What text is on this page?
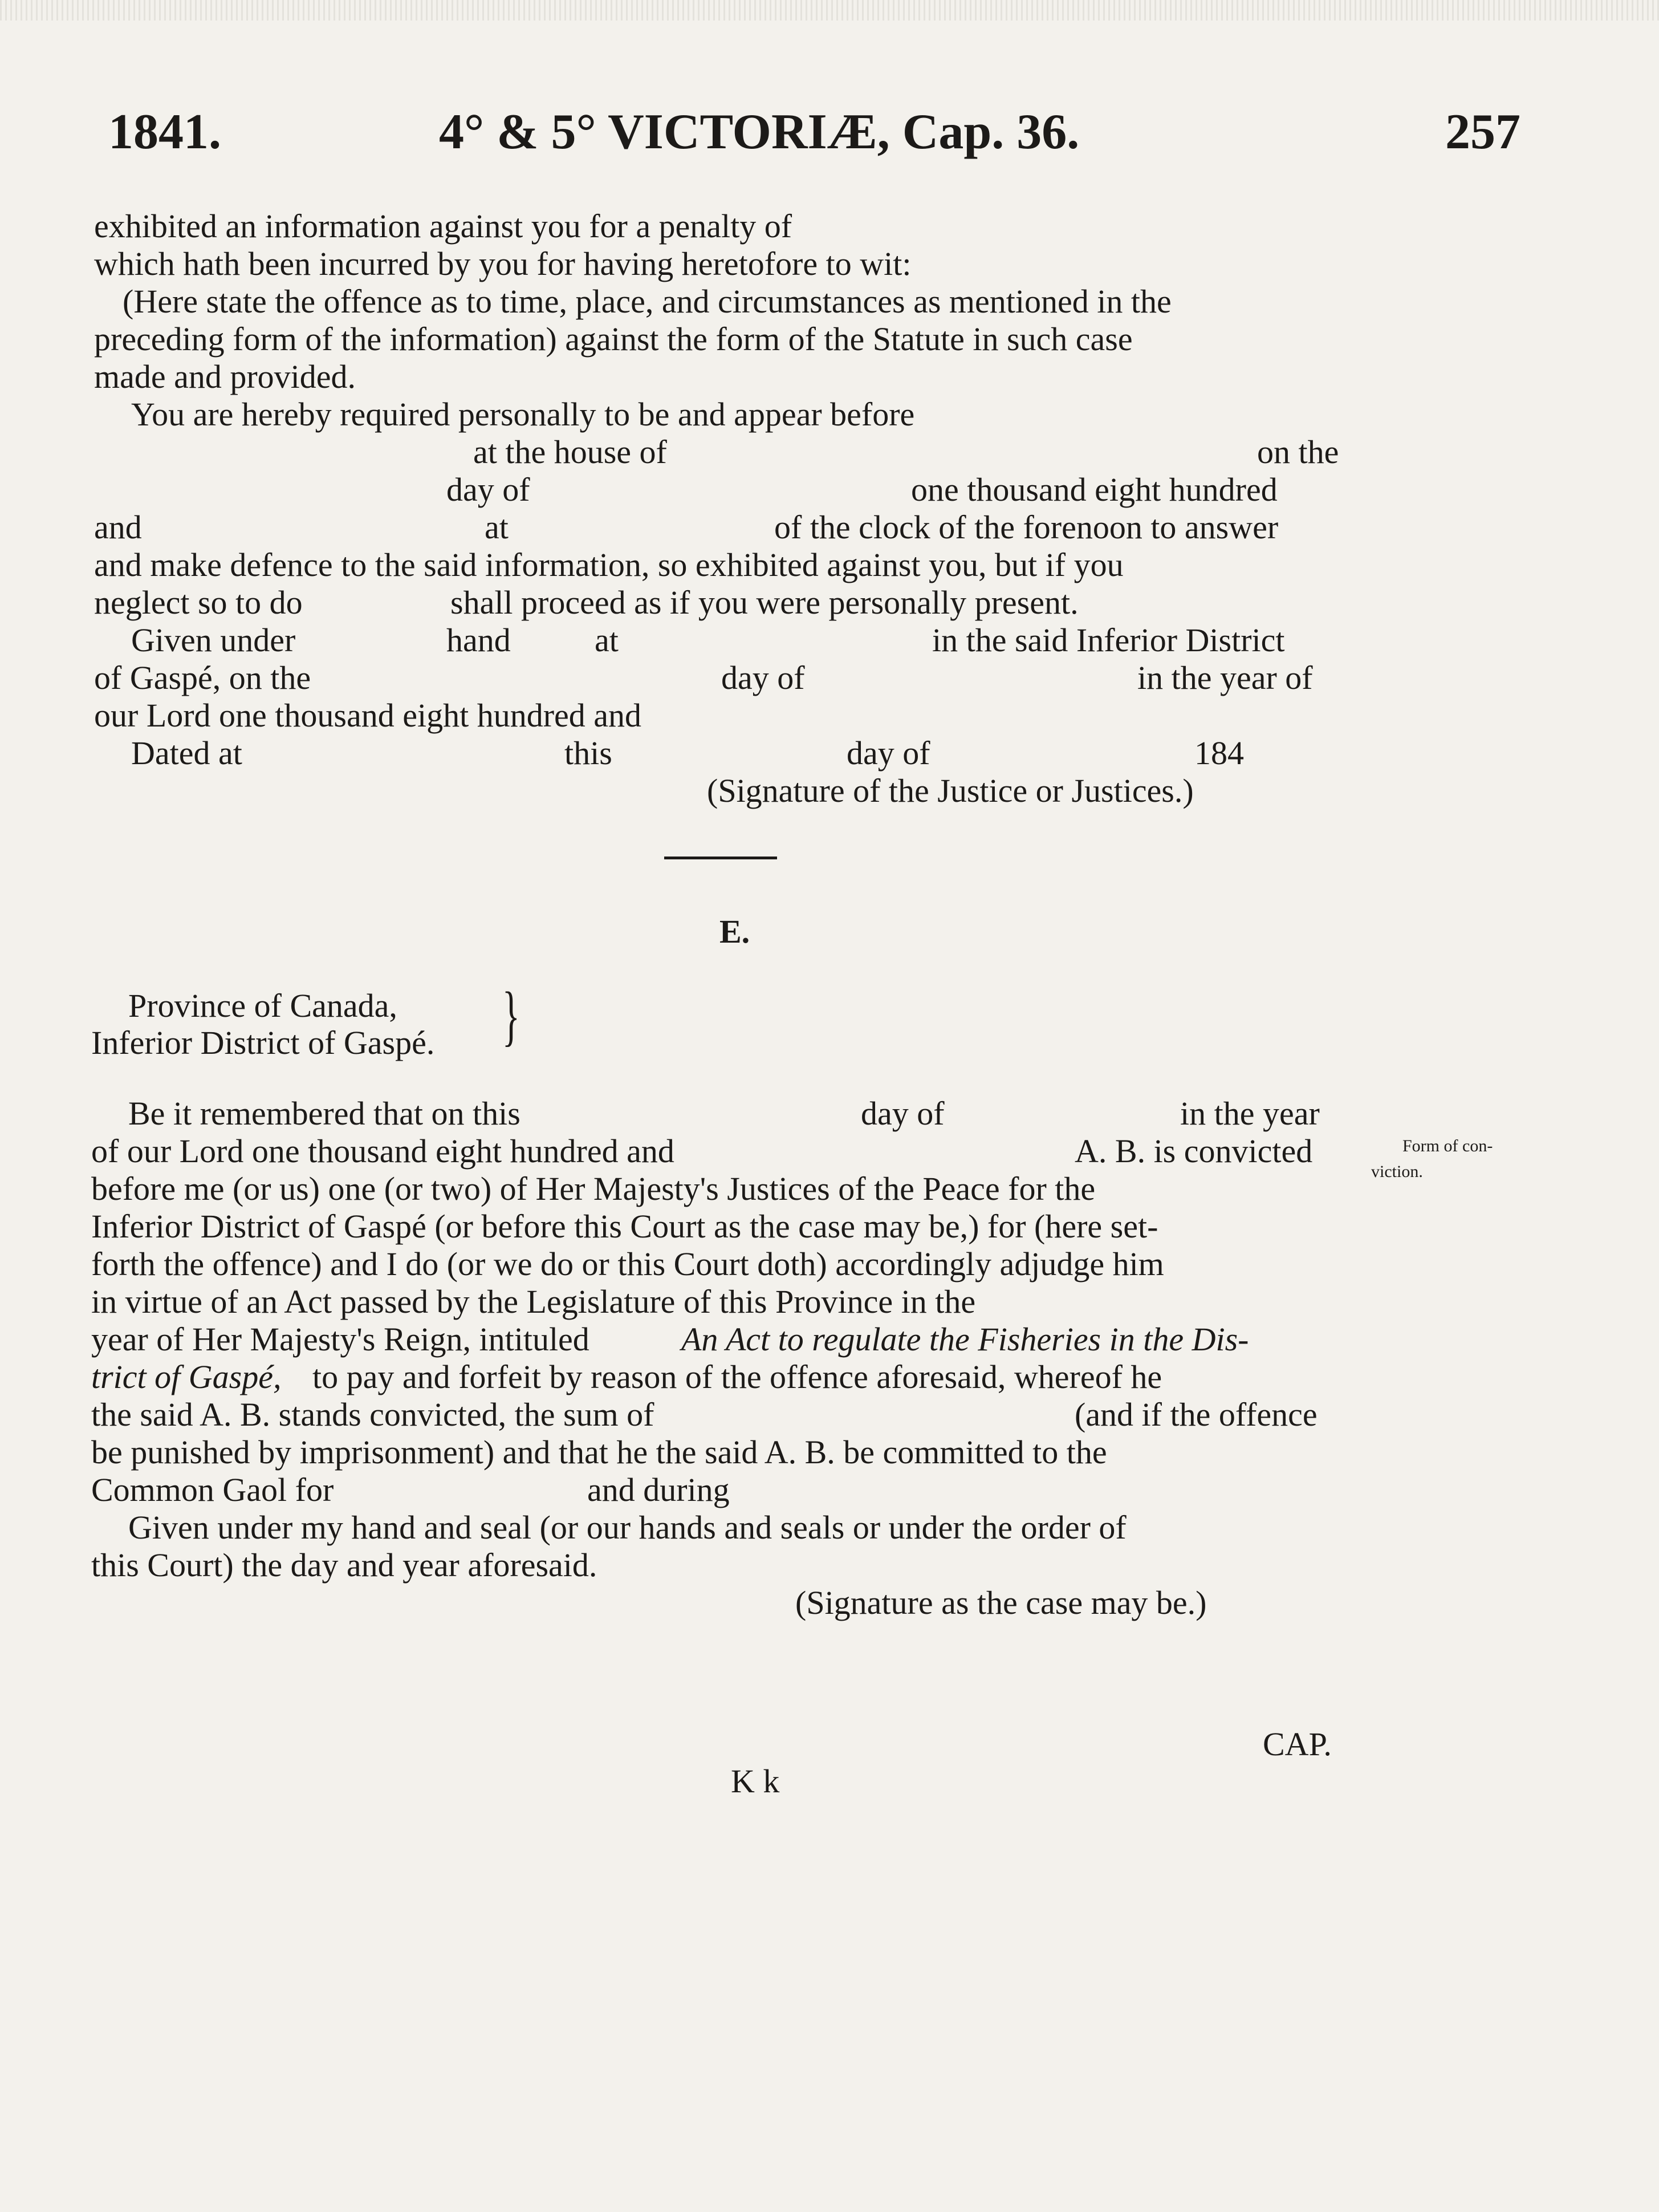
1841.	4° & 5° VICTORIÆ, Cap. 36.	257
exhibited an information against you for a penalty of
which hath been incurred by you for having heretofore to wit:
(Here state the offence as to time, place, and circumstances as mentioned in the
preceding form of the information) against the form of the Statute in such case
made and provided.
You are hereby required personally to be and appear before
at the house of	on the
day of	one thousand eight hundred
and	at	of the clock of the forenoon to answer
and make defence to the said information, so exhibited against you, but if you
neglect so to do	shall proceed as if you were personally present.
Given under	hand	at	in the said Inferior District
of Gaspé, on the	day of	in the year of
our Lord one thousand eight hundred and
Dated at	this	day of	184
(Signature of the Justice or Justices.)
E.
Province of Canada,
Inferior District of Gaspé. }
Be it remembered that on this	day of	in the year
of our Lord one thousand eight hundred and	A. B. is convicted
before me (or us) one (or two) of Her Majesty's Justices of the Peace for the
Inferior District of Gaspé (or before this Court as the case may be,) for (here set-
forth the offence) and I do (or we do or this Court doth) accordingly adjudge him
in virtue of an Act passed by the Legislature of this Province in the
year of Her Majesty's Reign, intituled	An Act to regulate the Fisheries in the Dis-
trict of Gaspé, to pay and forfeit by reason of the offence aforesaid, whereof he
the said A. B. stands convicted, the sum of	(and if the offence
be punished by imprisonment) and that he the said A. B. be committed to the
Common Gaol for	and during
Given under my hand and seal (or our hands and seals or under the order of
this Court) the day and year aforesaid.
(Signature as the case may be.)
Form of con-
viction.
CAP.
K k
